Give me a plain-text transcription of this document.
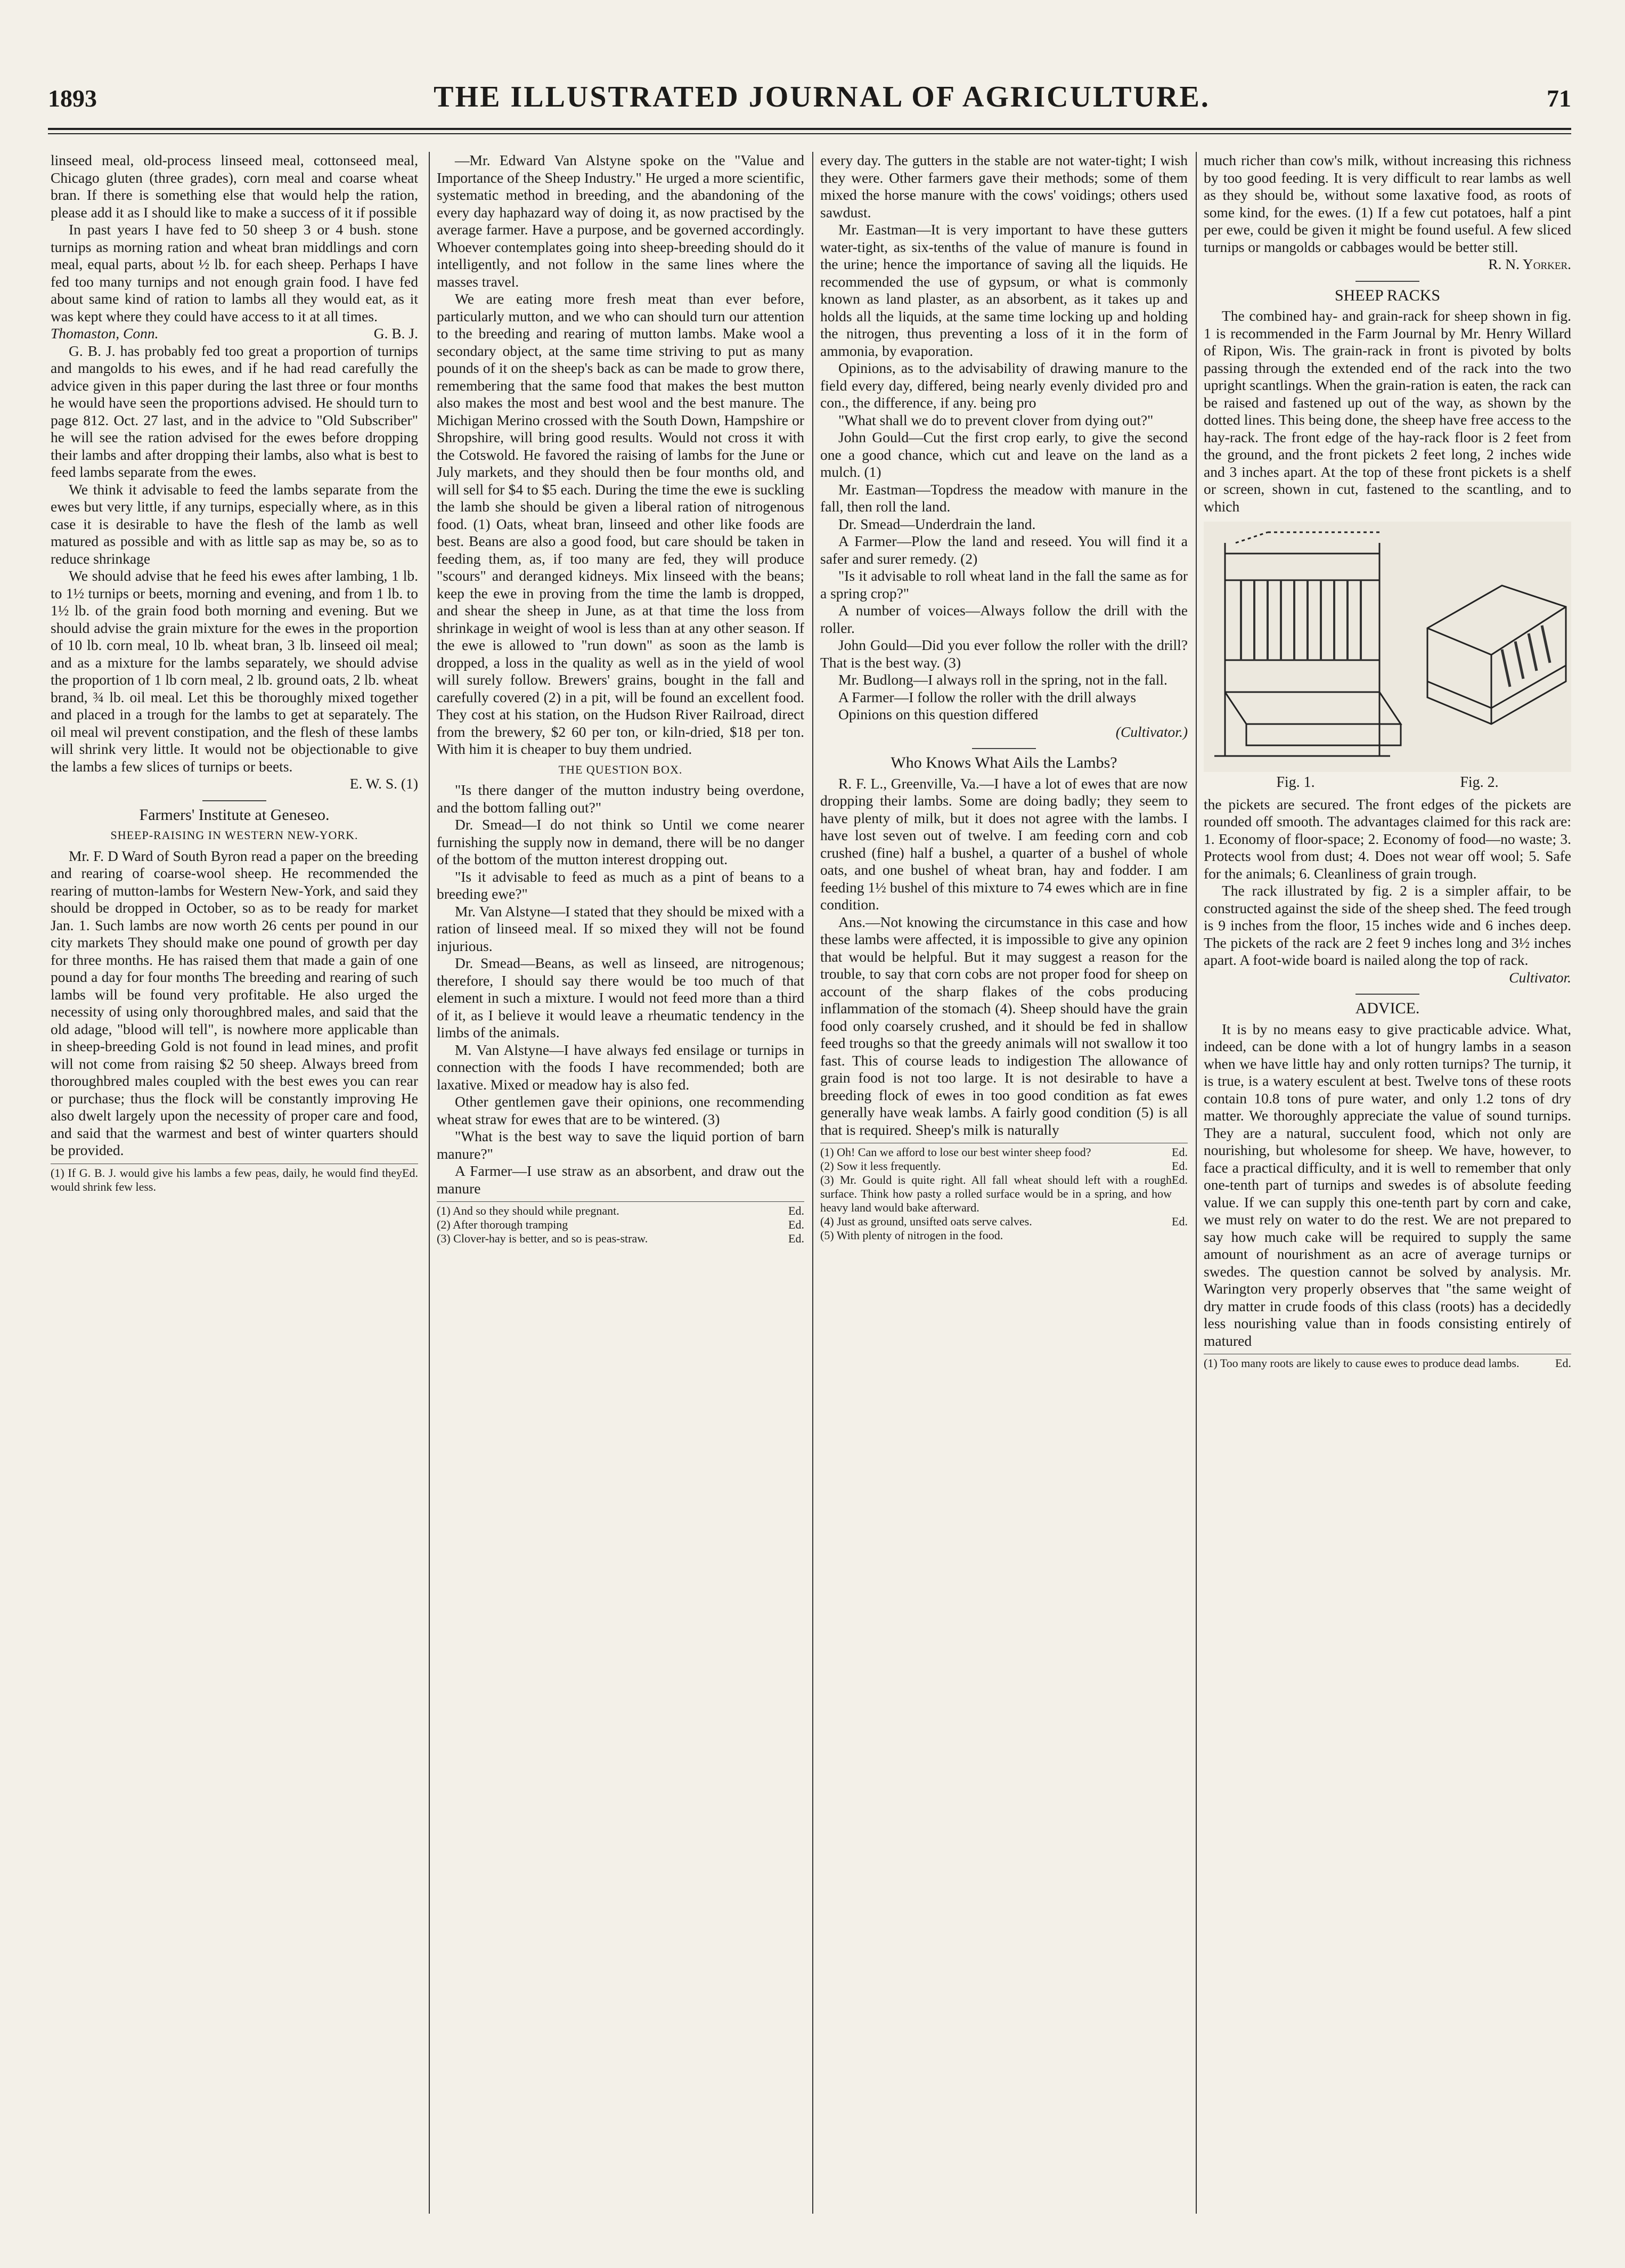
1893	THE ILLUSTRATED JOURNAL OF AGRICULTURE.	71

linseed meal, old-process linseed meal, cottonseed meal, Chicago gluten (three grades), corn meal and coarse wheat bran. If there is something else that would help the ration, please add it as I should like to make a success of it if possible

In past years I have fed to 50 sheep 3 or 4 bush. stone turnips as morning ration and wheat bran middlings and corn meal, equal parts, about ½ lb. for each sheep. Perhaps I have fed too many turnips and not enough grain food. I have fed about same kind of ration to lambs all they would eat, as it was kept where they could have access to it at all times.

Thomaston, Conn.	G. B. J.

G. B. J. has probably fed too great a proportion of turnips and mangolds to his ewes, and if he had read carefully the advice given in this paper during the last three or four months he would have seen the proportions advised. He should turn to page 812. Oct. 27 last, and in the advice to "Old Subscriber" he will see the ration advised for the ewes before dropping their lambs and after dropping their lambs, also what is best to feed lambs separate from the ewes.

We think it advisable to feed the lambs separate from the ewes but very little, if any turnips, especially where, as in this case it is desirable to have the flesh of the lamb as well matured as possible and with as little sap as may be, so as to reduce shrinkage

We should advise that he feed his ewes after lambing, 1 lb. to 1½ turnips or beets, morning and evening, and from 1 lb. to 1½ lb. of the grain food both morning and evening. But we should advise the grain mixture for the ewes in the proportion of 10 lb. corn meal, 10 lb. wheat bran, 3 lb. linseed oil meal; and as a mixture for the lambs separately, we should advise the proportion of 1 lb corn meal, 2 lb. ground oats, 2 lb. wheat brand, ¾ lb. oil meal. Let this be thoroughly mixed together and placed in a trough for the lambs to get at separately. The oil meal wil prevent constipation, and the flesh of these lambs will shrink very little. It would not be objectionable to give the lambs a few slices of turnips or beets.

E. W. S. (1)

Farmers' Institute at Geneseo.
SHEEP-RAISING IN WESTERN NEW-YORK.

Mr. F. D Ward of South Byron read a paper on the breeding and rearing of coarse-wool sheep. He recommended the rearing of mutton-lambs for Western New-York, and said they should be dropped in October, so as to be ready for market Jan. 1. Such lambs are now worth 26 cents per pound in our city markets They should make one pound of growth per day for three months. He has raised them that made a gain of one pound a day for four months The breeding and rearing of such lambs will be found very profitable. He also urged the necessity of using only thoroughbred males, and said that the old adage, "blood will tell", is nowhere more applicable than in sheep-breeding Gold is not found in lead mines, and profit will not come from raising $2 50 sheep. Always breed from thoroughbred males coupled with the best ewes you can rear or purchase; thus the flock will be constantly improving He also dwelt largely upon the necessity of proper care and food, and said that the warmest and best of winter quarters should be provided.

(1) If G. B. J. would give his lambs a few peas, daily, he would find they would shrink few less.
Ed.

—Mr. Edward Van Alstyne spoke on the "Value and Importance of the Sheep Industry." He urged a more scientific, systematic method in breeding, and the abandoning of the every day haphazard way of doing it, as now practised by the average farmer. Have a purpose, and be governed accordingly. Whoever contemplates going into sheep-breeding should do it intelligently, and not follow in the same lines where the masses travel.

We are eating more fresh meat than ever before, particularly mutton, and we who can should turn our attention to the breeding and rearing of mutton lambs. Make wool a secondary object, at the same time striving to put as many pounds of it on the sheep's back as can be made to grow there, remembering that the same food that makes the best mutton also makes the most and best wool and the best manure. The Michigan Merino crossed with the South Down, Hampshire or Shropshire, will bring good results. Would not cross it with the Cotswold. He favored the raising of lambs for the June or July markets, and they should then be four months old, and will sell for $4 to $5 each. During the time the ewe is suckling the lamb she should be given a liberal ration of nitrogenous food. (1) Oats, wheat bran, linseed and other like foods are best. Beans are also a good food, but care should be taken in feeding them, as, if too many are fed, they will produce "scours" and deranged kidneys. Mix linseed with the beans; keep the ewe in proving from the time the lamb is dropped, and shear the sheep in June, as at that time the loss from shrinkage in weight of wool is less than at any other season. If the ewe is allowed to "run down" as soon as the lamb is dropped, a loss in the quality as well as in the yield of wool will surely follow. Brewers' grains, bought in the fall and carefully covered (2) in a pit, will be found an excellent food. They cost at his station, on the Hudson River Railroad, direct from the brewery, $2 60 per ton, or kiln-dried, $18 per ton. With him it is cheaper to buy them undried.

THE QUESTION BOX.

"Is there danger of the mutton industry being overdone, and the bottom falling out?"

Dr. Smead—I do not think so Until we come nearer furnishing the supply now in demand, there will be no danger of the bottom of the mutton interest dropping out.

"Is it advisable to feed as much as a pint of beans to a breeding ewe?"

Mr. Van Alstyne—I stated that they should be mixed with a ration of linseed meal. If so mixed they will not be found injurious.

Dr. Smead—Beans, as well as linseed, are nitrogenous; therefore, I should say there would be too much of that element in such a mixture. I would not feed more than a third of it, as I believe it would leave a rheumatic tendency in the limbs of the animals.

M. Van Alstyne—I have always fed ensilage or turnips in connection with the foods I have recommended; both are laxative. Mixed or meadow hay is also fed.

Other gentlemen gave their opinions, one recommending wheat straw for ewes that are to be wintered. (3)

"What is the best way to save the liquid portion of barn manure?"

A Farmer—I use straw as an absorbent, and draw out the manure

(1) And so they should while pregnant.	Ed.

(2) After thorough tramping	Ed.

(3) Clover-hay is better, and so is peas-straw.	Ed.

every day. The gutters in the stable are not water-tight; I wish they were. Other farmers gave their methods; some of them mixed the horse manure with the cows' voidings; others used sawdust.

Mr. Eastman—It is very important to have these gutters water-tight, as six-tenths of the value of manure is found in the urine; hence the importance of saving all the liquids. He recommended the use of gypsum, or what is commonly known as land plaster, as an absorbent, as it takes up and holds all the liquids, at the same time locking up and holding the nitrogen, thus preventing a loss of it in the form of ammonia, by evaporation.

Opinions, as to the advisability of drawing manure to the field every day, differed, being nearly evenly divided pro and con., the difference, if any. being pro

"What shall we do to prevent clover from dying out?"

John Gould—Cut the first crop early, to give the second one a good chance, which cut and leave on the land as a mulch. (1)

Mr. Eastman—Topdress the meadow with manure in the fall, then roll the land.

Dr. Smead—Underdrain the land.

A Farmer—Plow the land and reseed. You will find it a safer and surer remedy. (2)

"Is it advisable to roll wheat land in the fall the same as for a spring crop?"

A number of voices—Always follow the drill with the roller.

John Gould—Did you ever follow the roller with the drill? That is the best way. (3)

Mr. Budlong—I always roll in the spring, not in the fall.

A Farmer—I follow the roller with the drill always

Opinions on this question differed

(Cultivator.)

Who Knows What Ails the Lambs?

R. F. L., Greenville, Va.—I have a lot of ewes that are now dropping their lambs. Some are doing badly; they seem to have plenty of milk, but it does not agree with the lambs. I have lost seven out of twelve. I am feeding corn and cob crushed (fine) half a bushel, a quarter of a bushel of whole oats, and one bushel of wheat bran, hay and fodder. I am feeding 1½ bushel of this mixture to 74 ewes which are in fine condition.

Ans.—Not knowing the circumstance in this case and how these lambs were affected, it is impossible to give any opinion that would be helpful. But it may suggest a reason for the trouble, to say that corn cobs are not proper food for sheep on account of the sharp flakes of the cobs producing inflammation of the stomach (4). Sheep should have the grain food only coarsely crushed, and it should be fed in shallow feed troughs so that the greedy animals will not swallow it too fast. This of course leads to indigestion The allowance of grain food is not too large. It is not desirable to have a breeding flock of ewes in too good condition as fat ewes generally have weak lambs. A fairly good condition (5) is all that is required. Sheep's milk is naturally

(1) Oh! Can we afford to lose our best winter sheep food?	Ed.

(2) Sow it less frequently.	Ed.

(3) Mr. Gould is quite right. All fall wheat should left with a rough surface. Think how pasty a rolled surface would be in a spring, and how heavy land would bake afterward.
Ed.

(4) Just as ground, unsifted oats serve calves.	Ed.

(5) With plenty of nitrogen in the food.

much richer than cow's milk, without increasing this richness by too good feeding. It is very difficult to rear lambs as well as they should be, without some laxative food, as roots of some kind, for the ewes. (1) If a few cut potatoes, half a pint per ewe, could be given it might be found useful. A few sliced turnips or mangolds or cabbages would be better still.

R. N. Yorker.

SHEEP RACKS

The combined hay- and grain-rack for sheep shown in fig. 1 is recommended in the Farm Journal by Mr. Henry Willard of Ripon, Wis. The grain-rack in front is pivoted by bolts passing through the extended end of the rack into the two upright scantlings. When the grain-ration is eaten, the rack can be raised and fastened up out of the way, as shown by the dotted lines. This being done, the sheep have free access to the hay-rack. The front edge of the hay-rack floor is 2 feet from the ground, and the front pickets 2 feet long, 2 inches wide and 3 inches apart. At the top of these front pickets is a shelf or screen, shown in cut, fastened to the scantling, and to which

Fig. 1.	Fig. 2.

the pickets are secured. The front edges of the pickets are rounded off smooth. The advantages claimed for this rack are: 1. Economy of floor-space; 2. Economy of food—no waste; 3. Protects wool from dust; 4. Does not wear off wool; 5. Safe for the animals; 6. Cleanliness of grain trough.

The rack illustrated by fig. 2 is a simpler affair, to be constructed against the side of the sheep shed. The feed trough is 9 inches from the floor, 15 inches wide and 6 inches deep. The pickets of the rack are 2 feet 9 inches long and 3½ inches apart. A foot-wide board is nailed along the top of rack.

Cultivator.

ADVICE.

It is by no means easy to give practicable advice. What, indeed, can be done with a lot of hungry lambs in a season when we have little hay and only rotten turnips? The turnip, it is true, is a watery esculent at best. Twelve tons of these roots contain 10.8 tons of pure water, and only 1.2 tons of dry matter. We thoroughly appreciate the value of sound turnips. They are a natural, succulent food, which not only are nourishing, but wholesome for sheep. We have, however, to face a practical difficulty, and it is well to remember that only one-tenth part of turnips and swedes is of absolute feeding value. If we can supply this one-tenth part by corn and cake, we must rely on water to do the rest. We are not prepared to say how much cake will be required to supply the same amount of nourishment as an acre of average turnips or swedes. The question cannot be solved by analysis. Mr. Warington very properly observes that "the same weight of dry matter in crude foods of this class (roots) has a decidedly less nourishing value than in foods consisting entirely of matured

(1) Too many roots are likely to cause ewes to produce dead lambs.	Ed.
